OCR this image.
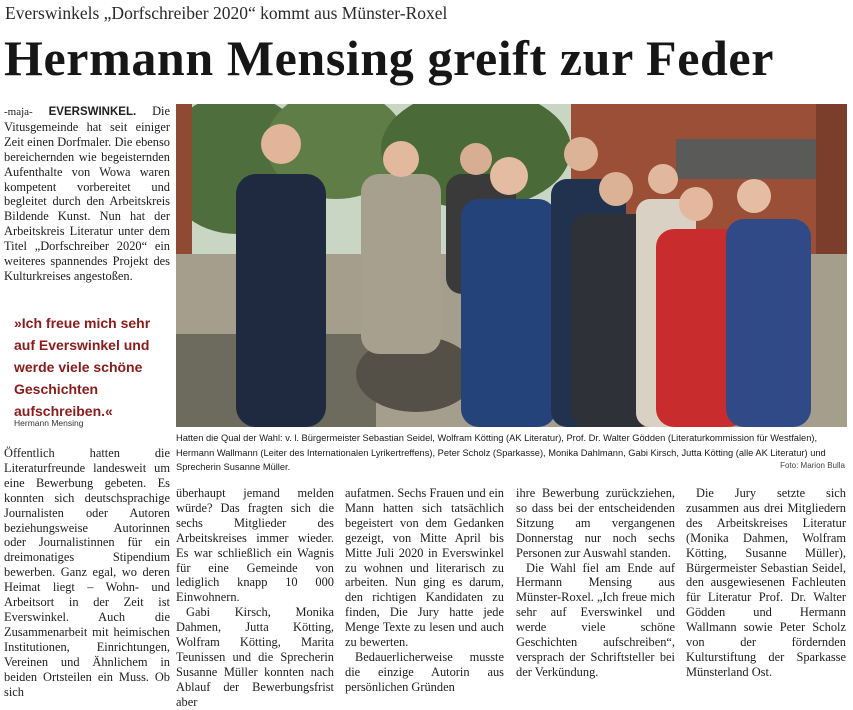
Everswinkels „Dorfschreiber 2020“ kommt aus Münster-Roxel
Hermann Mensing greift zur Feder
-maja- EVERSWINKEL. Die Vitusgemeinde hat seit einiger Zeit einen Dorfmaler. Die ebenso bereichernden wie begeisternden Aufenthalte von Wowa waren kompetent vorbereitet und begleitet durch den Arbeitskreis Bildende Kunst. Nun hat der Arbeitskreis Literatur unter dem Titel „Dorfschreiber 2020“ ein weiteres spannendes Projekt des Kulturkreises angestoßen.
»Ich freue mich sehr auf Everswinkel und werde viele schöne Geschichten aufschreiben.«
Hermann Mensing
Hatten die Qual der Wahl: v. l. Bürgermeister Sebastian Seidel, Wolfram Kötting (AK Literatur), Prof. Dr. Walter Gödden (Literaturkommission für Westfalen), Hermann Wallmann (Leiter des Internationalen Lyrikertreffens), Peter Scholz (Sparkasse), Monika Dahlmann, Gabi Kirsch, Jutta Kötting (alle AK Literatur) und Sprecherin Susanne Müller.	Foto: Marion Bulla

Öffentlich hatten die Literaturfreunde landesweit um eine Bewerbung gebeten. Es konnten sich deutschsprachige Journalisten oder Autoren beziehungsweise Autorinnen oder Journalistinnen für ein dreimonatiges Stipendium bewerben. Ganz egal, wo deren Heimat liegt – Wohn- und Arbeitsort in der Zeit ist Everswinkel. Auch die Zusammenarbeit mit heimischen Institutionen, Einrichtungen, Vereinen und Ähnlichem in beiden Ortsteilen ein Muss. Ob sich

überhaupt jemand melden würde? Das fragten sich die sechs Mitglieder des Arbeitskreises immer wieder. Es war schließlich ein Wagnis für eine Gemeinde von lediglich knapp 10 000 Einwohnern.

Gabi Kirsch, Monika Dahmen, Jutta Kötting, Wolfram Kötting, Marita Teunissen und die Sprecherin Susanne Müller konnten nach Ablauf der Bewerbungsfrist aber

aufatmen. Sechs Frauen und ein Mann hatten sich tatsächlich begeistert von dem Gedanken gezeigt, von Mitte April bis Mitte Juli 2020 in Everswinkel zu wohnen und literarisch zu arbeiten. Nun ging es darum, den richtigen Kandidaten zu finden, Die Jury hatte jede Menge Texte zu lesen und auch zu bewerten.

Bedauerlicherweise musste die einzige Autorin aus persönlichen Gründen

ihre Bewerbung zurückziehen, so dass bei der entscheidenden Sitzung am vergangenen Donnerstag nur noch sechs Personen zur Auswahl standen.

Die Wahl fiel am Ende auf Hermann Mensing aus Münster-Roxel. „Ich freue mich sehr auf Everswinkel und werde viele schöne Geschichten aufschreiben“, versprach der Schriftsteller bei der Verkündung.

Die Jury setzte sich zusammen aus drei Mitgliedern des Arbeitskreises Literatur (Monika Dahmen, Wolfram Kötting, Susanne Müller), Bürgermeister Sebastian Seidel, den ausgewiesenen Fachleuten für Literatur Prof. Dr. Walter Gödden und Hermann Wallmann sowie Peter Scholz von der fördernden Kulturstiftung der Sparkasse Münsterland Ost.
